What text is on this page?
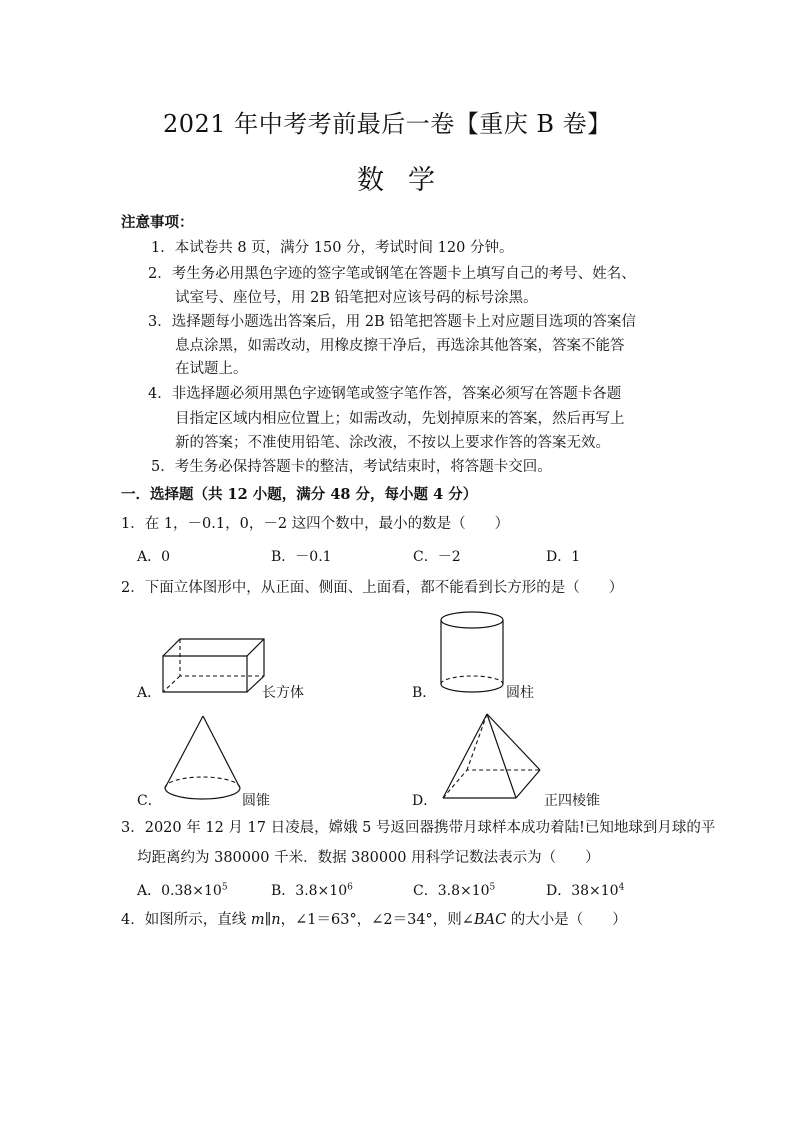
2021 年中考考前最后一卷【重庆 B 卷】
数学
注意事项：
1．本试卷共 8 页，满分 150 分，考试时间 120 分钟。
2．考生务必用黑色字迹的签字笔或钢笔在答题卡上填写自己的考号、姓名、
试室号、座位号，用 2B 铅笔把对应该号码的标号涂黑。
3．选择题每小题选出答案后，用 2B 铅笔把答题卡上对应题目选项的答案信
息点涂黑，如需改动，用橡皮擦干净后，再选涂其他答案，答案不能答
在试题上。
4．非选择题必须用黑色字迹钢笔或签字笔作答，答案必须写在答题卡各题
目指定区域内相应位置上；如需改动，先划掉原来的答案，然后再写上
新的答案；不准使用铅笔、涂改液，不按以上要求作答的答案无效。
5．考生务必保持答题卡的整洁，考试结束时，将答题卡交回。
一．选择题（共 12 小题，满分 48 分，每小题 4 分）
1．在 1，－0.1，0，－2 这四个数中，最小的数是（　　）
A．0	B．－0.1	C．－2	D．1
2．下面立体图形中，从正面、侧面、上面看，都不能看到长方形的是（　　）
A．	长方体	B．	圆柱
C．	圆锥	D．	正四棱锥
3．2020 年 12 月 17 日凌晨，嫦娥 5 号返回器携带月球样本成功着陆!已知地球到月球的平
均距离约为 380000 千米．数据 380000 用科学记数法表示为（　　）
A．$0.38\times 10^5$	B．$3.8\times 10^6$	C．$3.8\times 10^5$	D．$38\times 10^4$
4．如图所示，直线 m∥n，∠1＝63°，∠2＝34°，则∠BAC 的大小是（　　）
